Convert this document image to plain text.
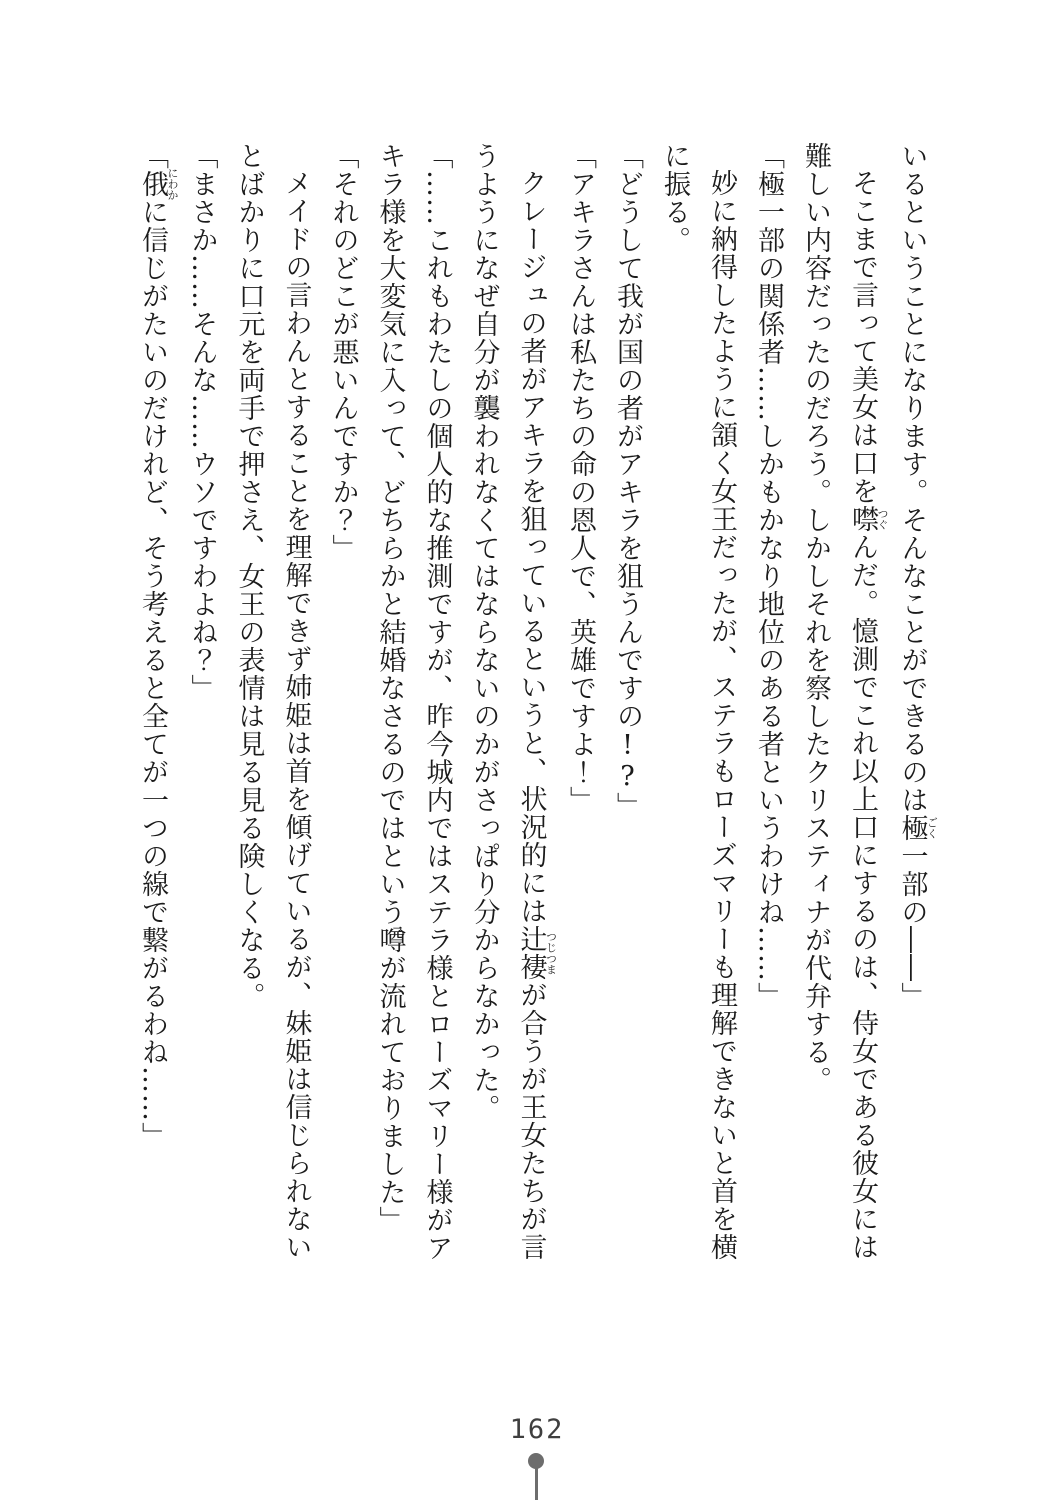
いるということになります。そんなことができるのは極ごく一部の――」
そこまで言って美女は口を噤つぐんだ。憶測でこれ以上口にするのは、侍女である彼女には
難しい内容だったのだろう。しかしそれを察したクリスティナが代弁する。
「極一部の関係者……しかもかなり地位のある者というわけね……」
妙に納得したように頷く女王だったが、ステラもローズマリーも理解できないと首を横
に振る。
「どうして我が国の者がアキラを狙うんですの!?」
「アキラさんは私たちの命の恩人で、英雄ですよ！」
クレージュの者がアキラを狙っているというと、状況的には辻褄つじつまが合うが王女たちが言
うようになぜ自分が襲われなくてはならないのかがさっぱり分からなかった。
「……これもわたしの個人的な推測ですが、昨今城内ではステラ様とローズマリー様がア
キラ様を大変気に入って、どちらかと結婚なさるのではという噂が流れておりました」
「それのどこが悪いんですか？」
メイドの言わんとすることを理解できず姉姫は首を傾げているが、妹姫は信じられない
とばかりに口元を両手で押さえ、女王の表情は見る見る険しくなる。
「まさか……そんな……ウソですわよね？」
「俄にわかに信じがたいのだけれど、そう考えると全てが一つの線で繋がるわね……」
162
